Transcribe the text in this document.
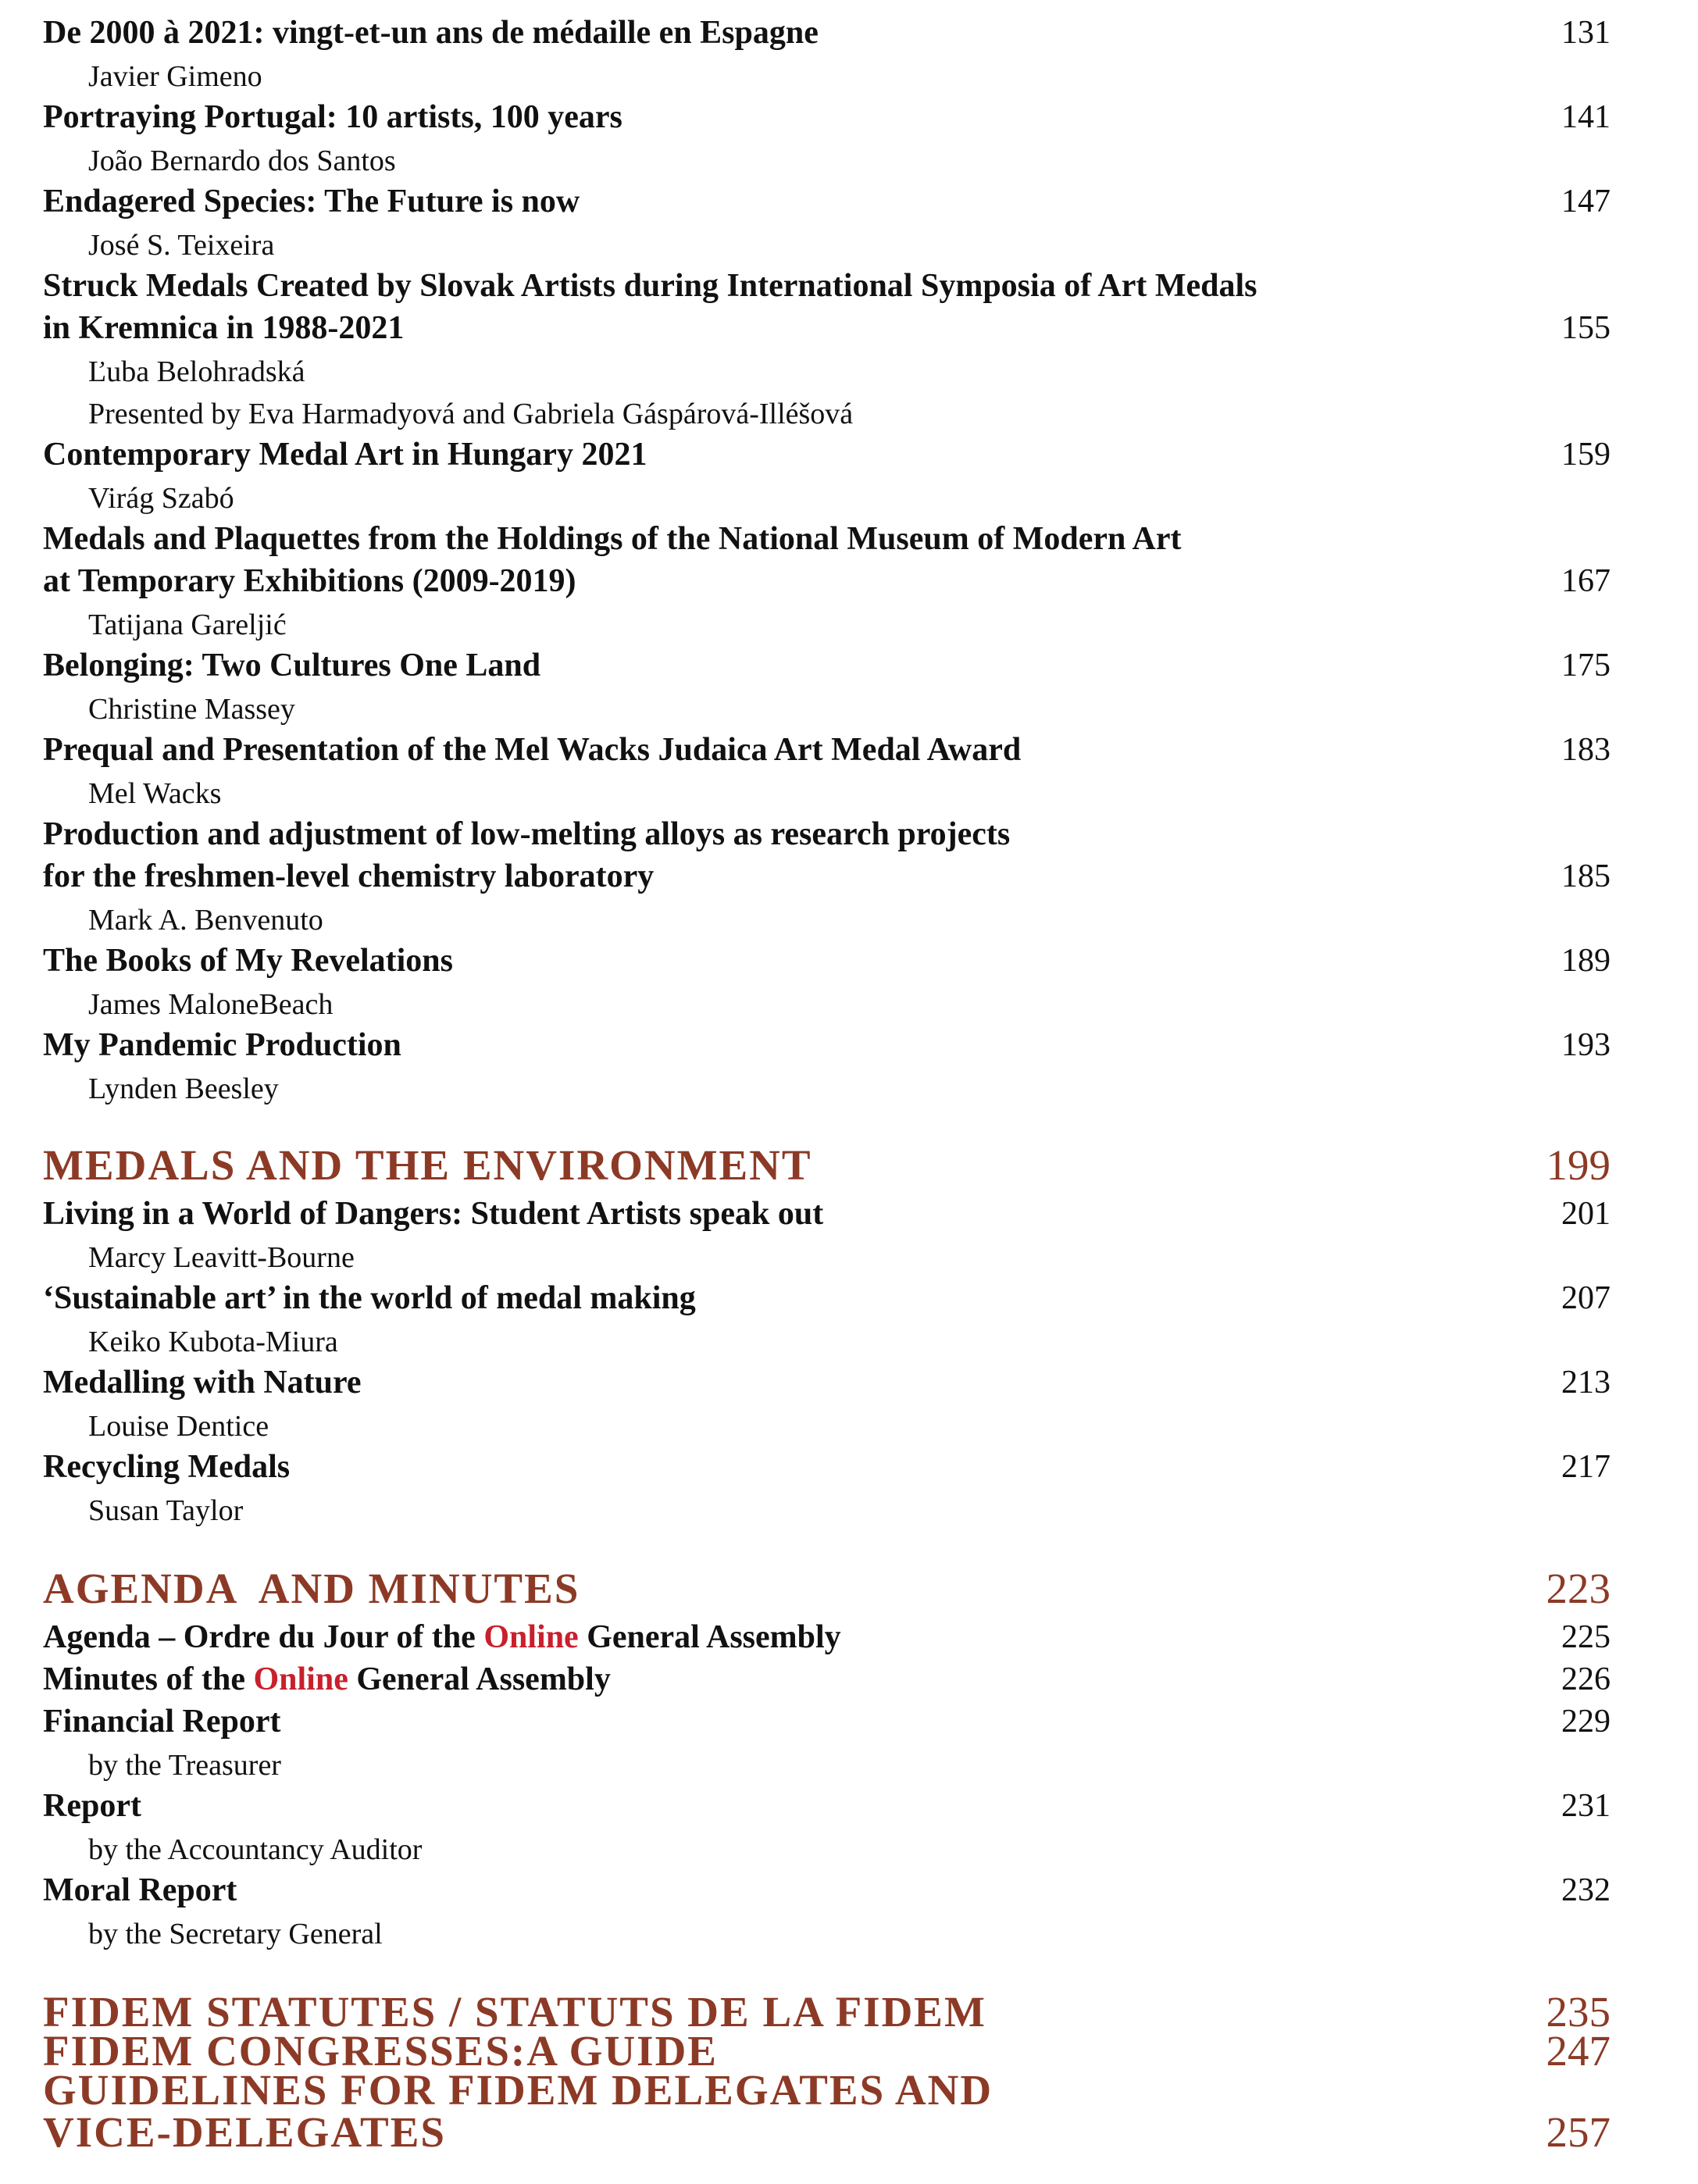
De 2000 à 2021: vingt-et-un ans de médaille en Espagne	131
Javier Gimeno
Portraying Portugal: 10 artists, 100 years	141
João Bernardo dos Santos
Endagered Species: The Future is now	147
José S. Teixeira
Struck Medals Created by Slovak Artists during International Symposia of Art Medals
in Kremnica in 1988-2021	155
Ľuba Belohradská
Presented by Eva Harmadyová and Gabriela Gáspárová-Illéšová
Contemporary Medal Art in Hungary 2021	159
Virág Szabó
Medals and Plaquettes from the Holdings of the National Museum of Modern Art
at Temporary Exhibitions (2009-2019)	167
Tatijana Gareljić
Belonging: Two Cultures One Land	175
Christine Massey
Prequal and Presentation of the Mel Wacks Judaica Art Medal Award	183
Mel Wacks
Production and adjustment of low-melting alloys as research projects
for the freshmen-level chemistry laboratory	185
Mark A. Benvenuto
The Books of My Revelations	189
James MaloneBeach
My Pandemic Production	193
Lynden Beesley
MEDALS AND THE ENVIRONMENT	199
Living in a World of Dangers: Student Artists speak out	201
Marcy Leavitt-Bourne
‘Sustainable art’ in the world of medal making	207
Keiko Kubota-Miura
Medalling with Nature	213
Louise Dentice
Recycling Medals	217
Susan Taylor
AGENDA  AND MINUTES	223
Agenda – Ordre du Jour of the Online General Assembly	225
Minutes of the Online General Assembly	226
Financial Report	229
by the Treasurer
Report	231
by the Accountancy Auditor
Moral Report	232
by the Secretary General
FIDEM STATUTES / STATUTS DE LA FIDEM	235
FIDEM CONGRESSES:A GUIDE	247
GUIDELINES FOR FIDEM DELEGATES AND
VICE-DELEGATES	257
